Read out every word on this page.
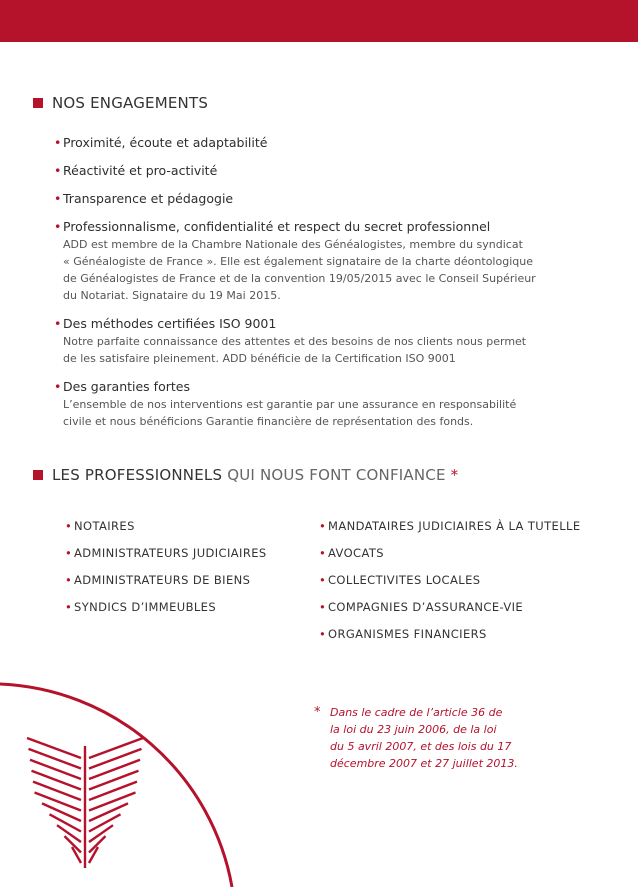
NOS ENGAGEMENTS
• Proximité, écoute et adaptabilité
• Réactivité et pro-activité
• Transparence et pédagogie
• Professionnalisme, confidentialité et respect du secret professionnel
ADD est membre de la Chambre Nationale des Généalogistes, membre du syndicat
« Généalogiste de France ». Elle est également signataire de la charte déontologique
de Généalogistes de France et de la convention 19/05/2015 avec le Conseil Supérieur
du Notariat. Signataire du 19 Mai 2015.
• Des méthodes certifiées ISO 9001
Notre parfaite connaissance des attentes et des besoins de nos clients nous permet
de les satisfaire pleinement. ADD bénéficie de la Certification ISO 9001
• Des garanties fortes
L’ensemble de nos interventions est garantie par une assurance en responsabilité
civile et nous bénéficions Garantie financière de représentation des fonds.
LES PROFESSIONNELS QUI NOUS FONT CONFIANCE *
• NOTAIRES
• ADMINISTRATEURS JUDICIAIRES
• ADMINISTRATEURS DE BIENS
• SYNDICS D’IMMEUBLES
• MANDATAIRES JUDICIAIRES À LA TUTELLE
• AVOCATS
• COLLECTIVITES LOCALES
• COMPAGNIES D’ASSURANCE-VIE
• ORGANISMES FINANCIERS
* Dans le cadre de l’article 36 de
la loi du 23 juin 2006, de la loi
du 5 avril 2007, et des lois du 17
décembre 2007 et 27 juillet 2013.
